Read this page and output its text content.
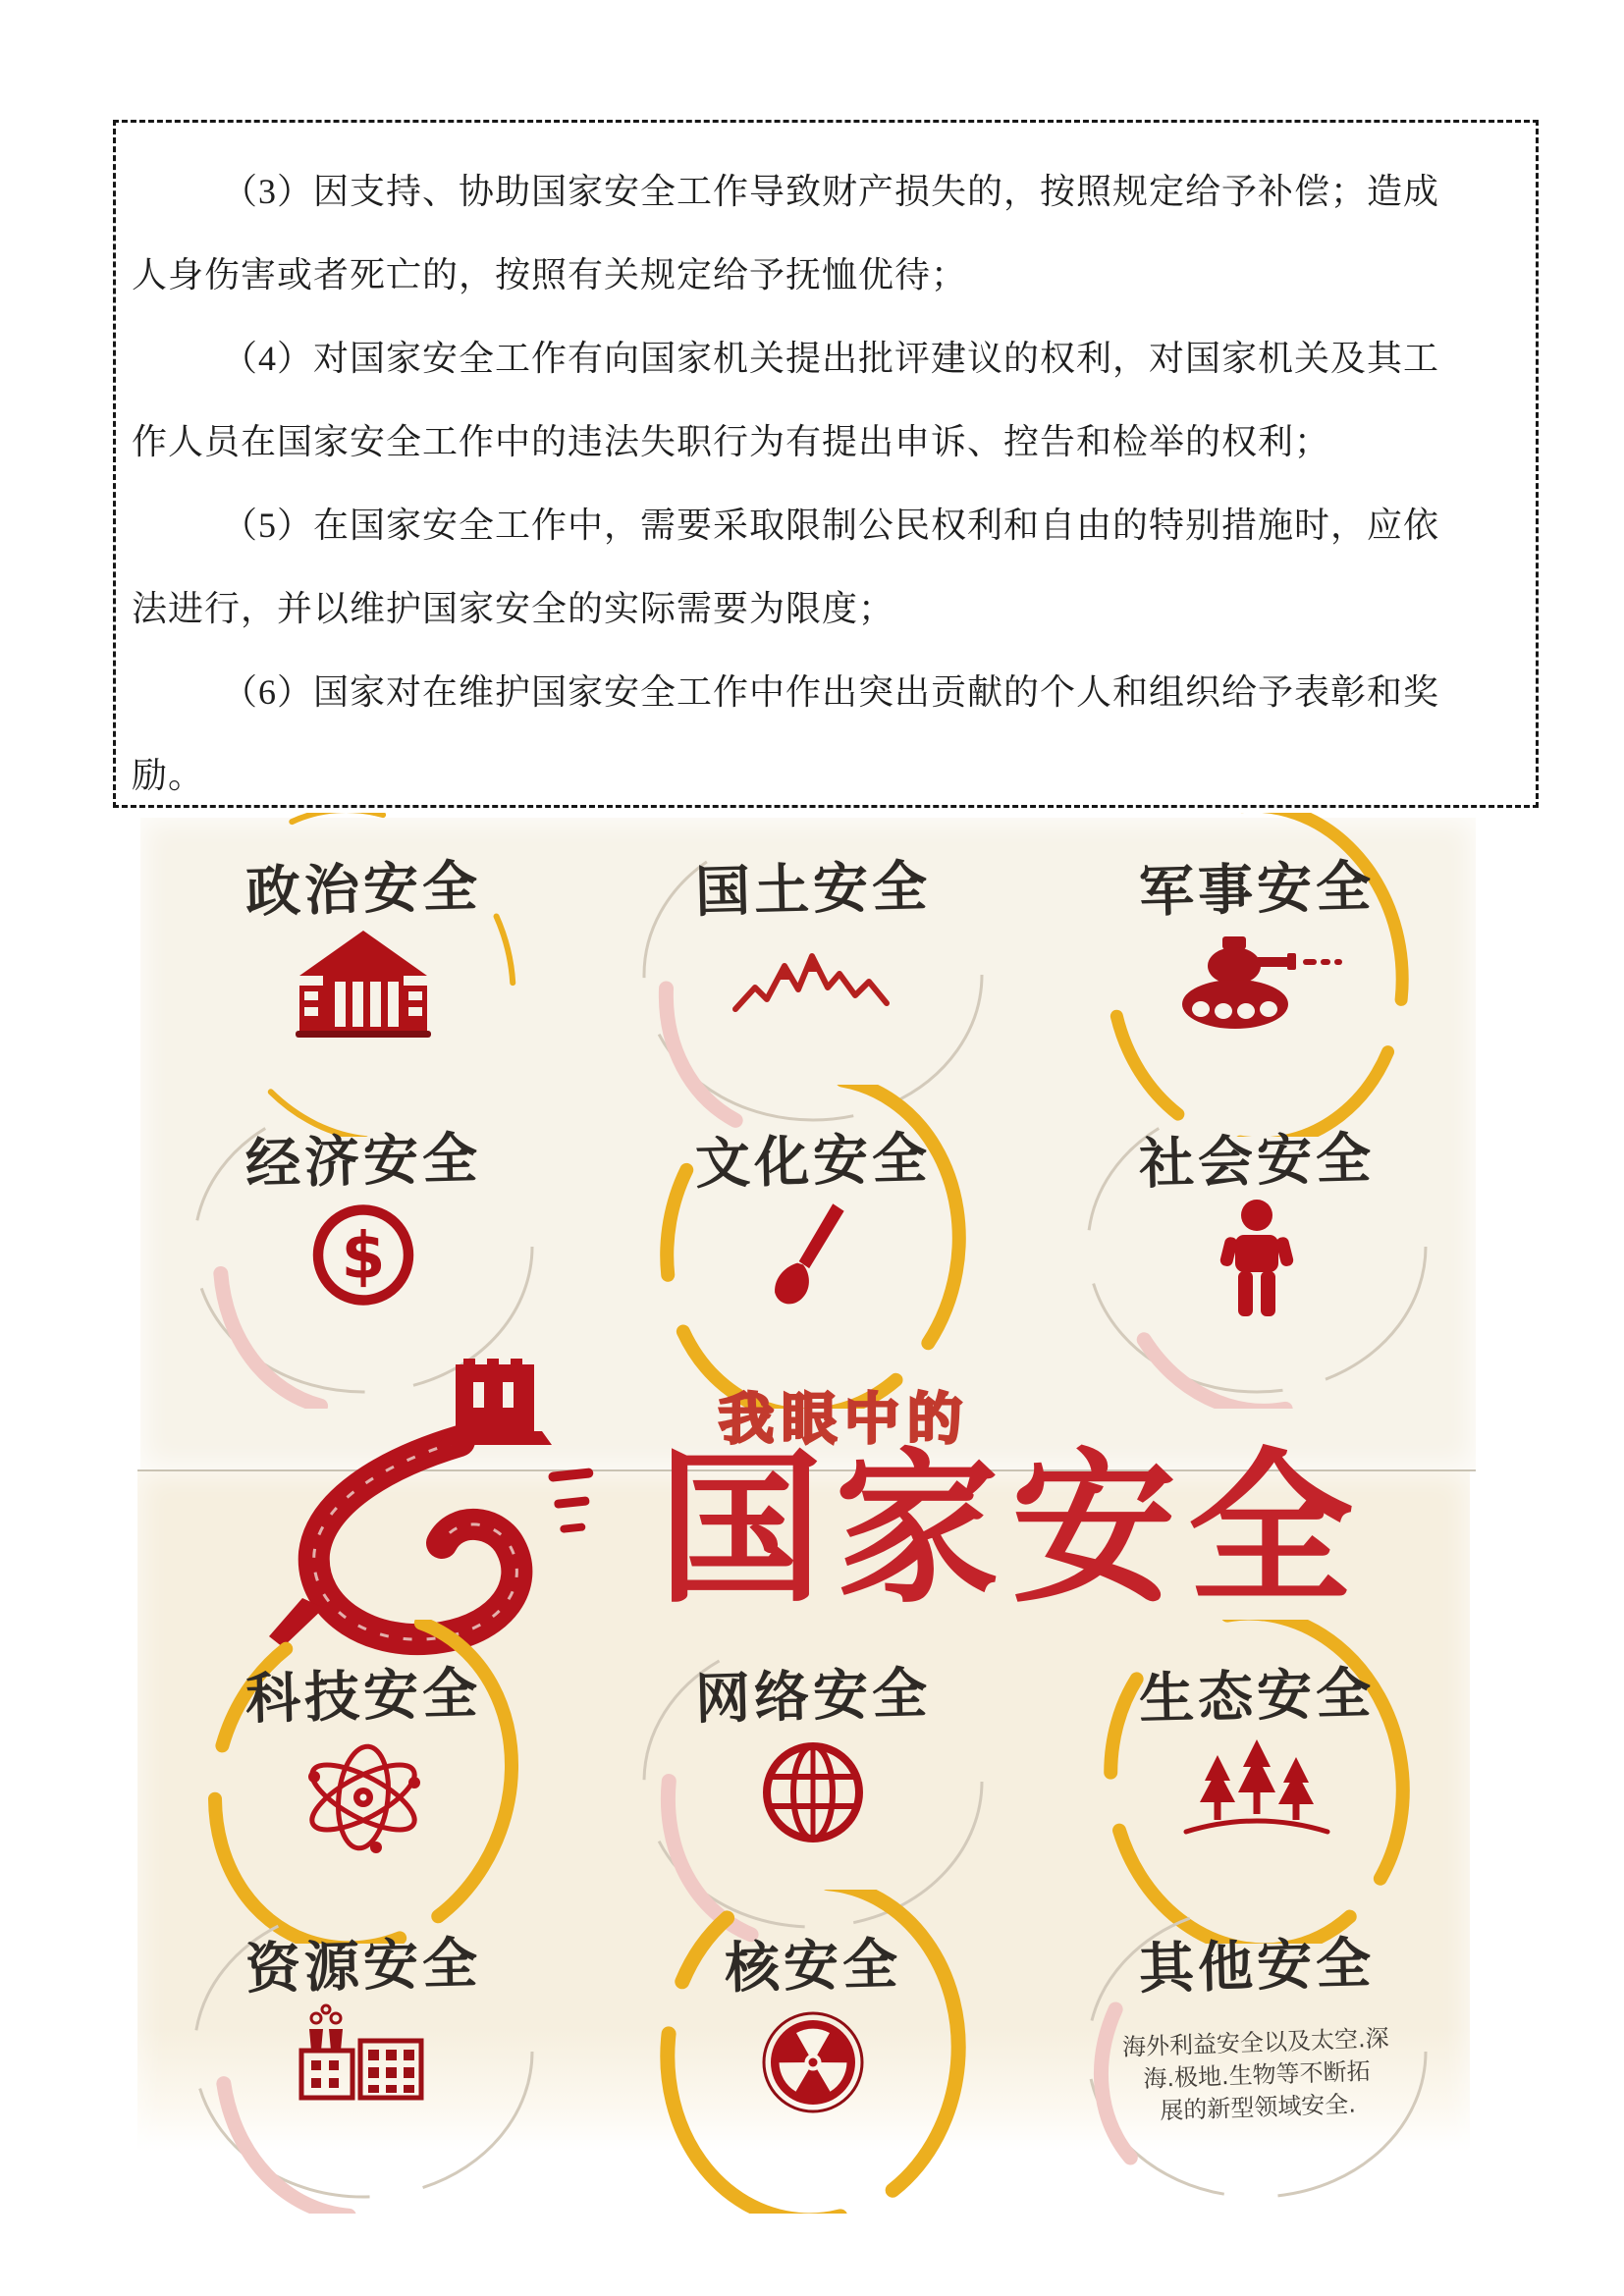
（3）因支持、协助国家安全工作导致财产损失的，按照规定给予补偿；造成
人身伤害或者死亡的，按照有关规定给予抚恤优待；
（4）对国家安全工作有向国家机关提出批评建议的权利，对国家机关及其工
作人员在国家安全工作中的违法失职行为有提出申诉、控告和检举的权利；
（5）在国家安全工作中，需要采取限制公民权利和自由的特别措施时，应依
法进行，并以维护国家安全的实际需要为限度；
（6）国家对在维护国家安全工作中作出突出贡献的个人和组织给予表彰和奖
励。
政治安全	国土安全	军事安全
经济安全
$
文化安全	社会安全
我眼中的
国家安全
科技安全	网络安全	生态安全
资源安全	核安全	其他安全
海外利益安全以及太空.深
海.极地.生物等不断拓
展的新型领域安全.
